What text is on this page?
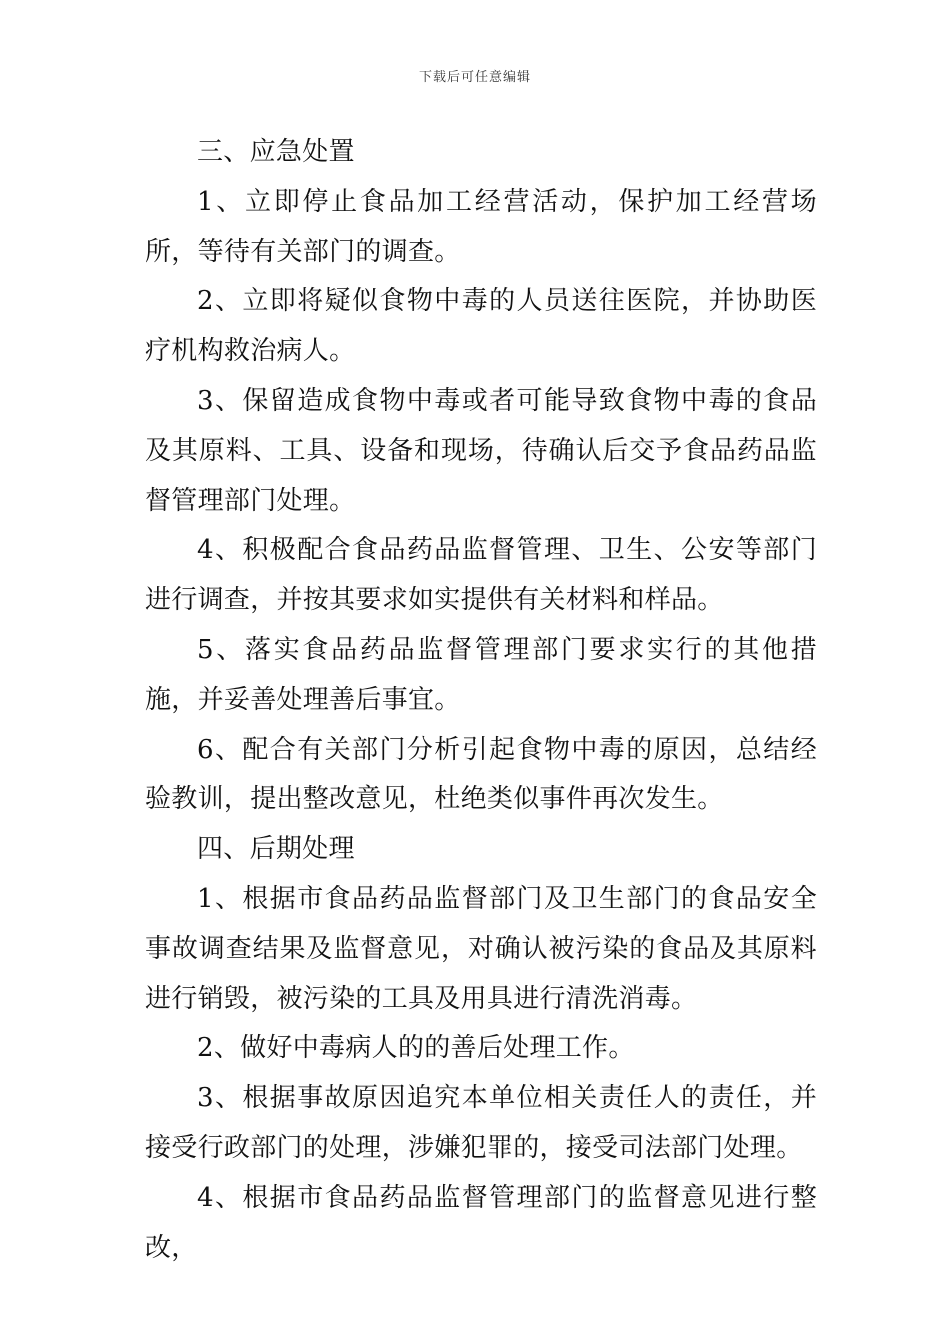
下载后可任意编辑

三、应急处置

1、立即停止食品加工经营活动，保护加工经营场所，等待有关部门的调查。

2、立即将疑似食物中毒的人员送往医院，并协助医疗机构救治病人。

3、保留造成食物中毒或者可能导致食物中毒的食品及其原料、工具、设备和现场，待确认后交予食品药品监督管理部门处理。

4、积极配合食品药品监督管理、卫生、公安等部门进行调查，并按其要求如实提供有关材料和样品。

5、落实食品药品监督管理部门要求实行的其他措施，并妥善处理善后事宜。

6、配合有关部门分析引起食物中毒的原因，总结经验教训，提出整改意见，杜绝类似事件再次发生。

四、后期处理

1、根据市食品药品监督部门及卫生部门的食品安全事故调查结果及监督意见，对确认被污染的食品及其原料进行销毁，被污染的工具及用具进行清洗消毒。

2、做好中毒病人的的善后处理工作。

3、根据事故原因追究本单位相关责任人的责任，并接受行政部门的处理，涉嫌犯罪的，接受司法部门处理。

4、根据市食品药品监督管理部门的监督意见进行整改，
